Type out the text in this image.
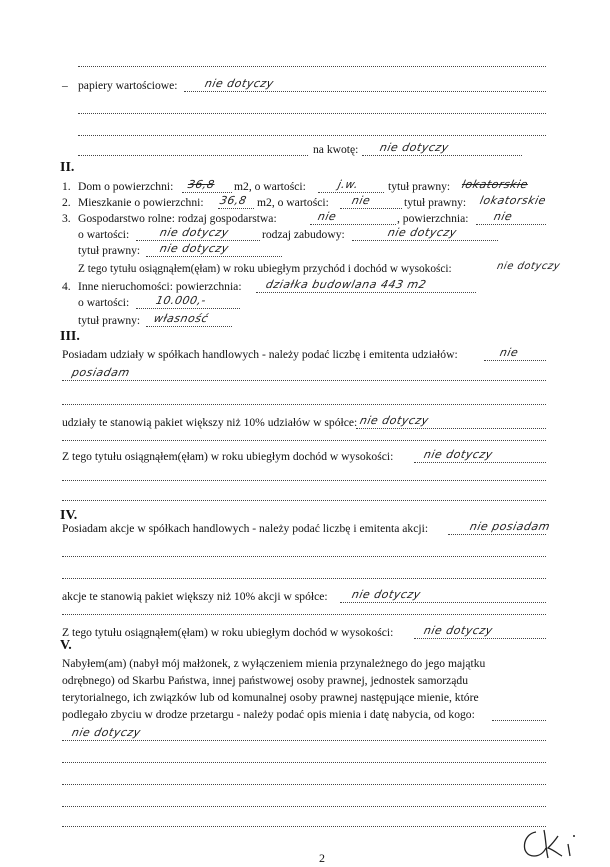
– papiery wartościowe: nie dotyczy
na kwotę: nie dotyczy
II.
1. Dom o powierzchni: 36,8 m2, o wartości:	j.w. tytuł prawny: lokatorskie
2. Mieszkanie o powierzchni: 36,8 m2, o wartości: nie	tytuł prawny: lokatorskie
3. Gospodarstwo rolne: rodzaj gospodarstwa:	nie	, powierzchnia: nie
o wartości:	nie dotyczy	rodzaj zabudowy:	nie dotyczy
tytuł prawny: nie dotyczy
Z tego tytułu osiągnąłem(ęłam) w roku ubiegłym przychód i dochód w wysokości:	nie dotyczy
4. Inne nieruchomości: powierzchnia: działka budowlana 443 m2
o wartości: 10.000,-
tytuł prawny: własność
III.
Posiadam udziały w spółkach handlowych - należy podać liczbę i emitenta udziałów:	nie
posiadam
udziały te stanowią pakiet większy niż 10% udziałów w spółce: nie dotyczy
Z tego tytułu osiągnąłem(ęłam) w roku ubiegłym dochód w wysokości:	nie dotyczy
IV.
Posiadam akcje w spółkach handlowych - należy podać liczbę i emitenta akcji:	nie posiadam
akcje te stanowią pakiet większy niż 10% akcji w spółce: nie dotyczy
Z tego tytułu osiągnąłem(ęłam) w roku ubiegłym dochód w wysokości:	nie dotyczy
V.
Nabyłem(am) (nabył mój małżonek, z wyłączeniem mienia przynależnego do jego majątku
odrębnego) od Skarbu Państwa, innej państwowej osoby prawnej, jednostek samorządu
terytorialnego, ich związków lub od komunalnej osoby prawnej następujące mienie, które
podlegało zbyciu w drodze przetargu - należy podać opis mienia i datę nabycia, od kogo:
nie dotyczy
2
